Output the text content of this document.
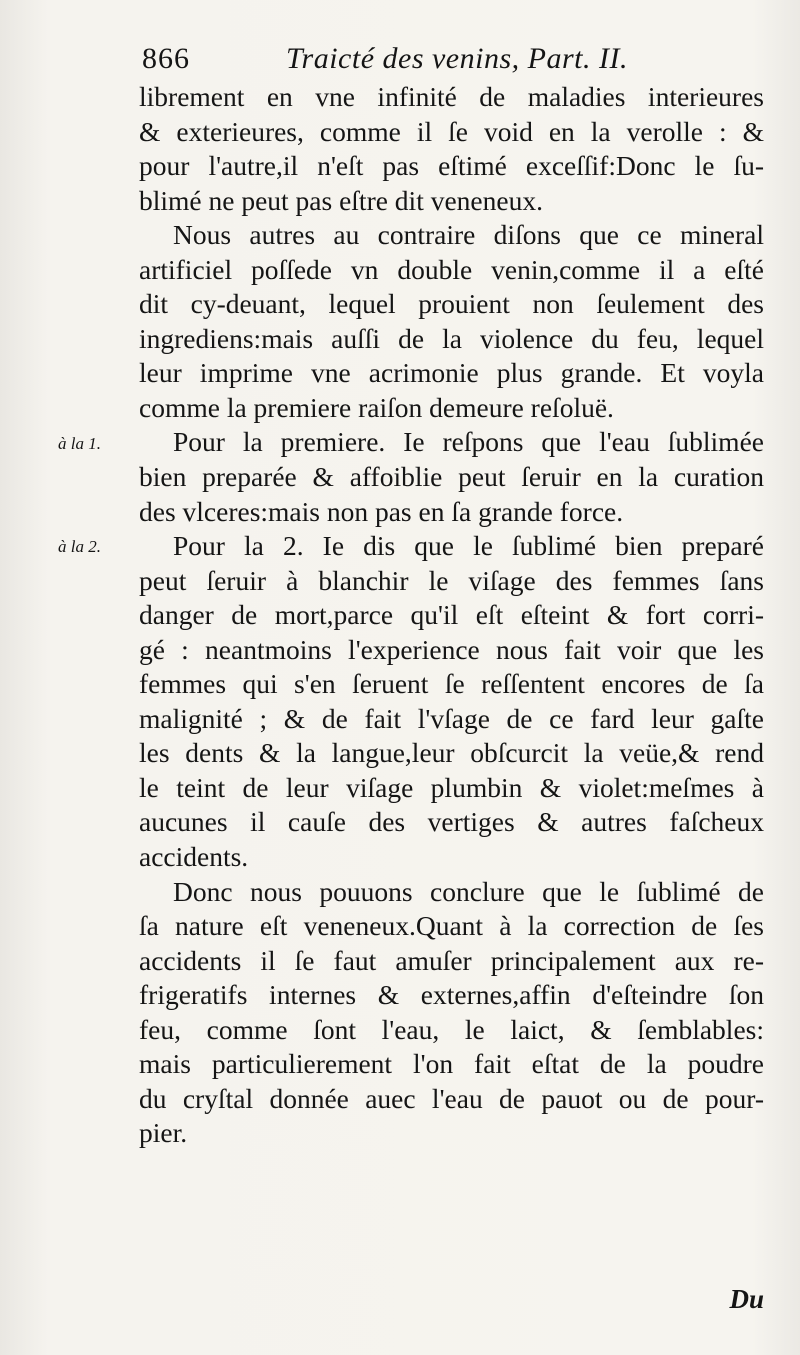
866	Traicté des venins, Part. II.
librement en vne infinité de maladies interieures
& exterieures, comme il ſe void en la verolle : &
pour l'autre,il n'eſt pas eſtimé exceſſif:Donc le ſu-
blimé ne peut pas eſtre dit veneneux.
Nous autres au contraire diſons que ce mineral
artificiel poſſede vn double venin,comme il a eſté
dit cy-deuant, lequel prouient non ſeulement des
ingrediens:mais auſſi de la violence du feu, lequel
leur imprime vne acrimonie plus grande. Et voyla
comme la premiere raiſon demeure reſoluë.
Pour la premiere. Ie reſpons que l'eau ſublimée
bien preparée & affoiblie peut ſeruir en la curation
des vlceres:mais non pas en ſa grande force.
Pour la 2. Ie dis que le ſublimé bien preparé
peut ſeruir à blanchir le viſage des femmes ſans
danger de mort,parce qu'il eſt eſteint & fort corri-
gé : neantmoins l'experience nous fait voir que les
femmes qui s'en ſeruent ſe reſſentent encores de ſa
malignité ; & de fait l'vſage de ce fard leur gaſte
les dents & la langue,leur obſcurcit la veüe,& rend
le teint de leur viſage plumbin & violet:meſmes à
aucunes il cauſe des vertiges & autres faſcheux
accidents.
Donc nous pouuons conclure que le ſublimé de
ſa nature eſt veneneux.Quant à la correction de ſes
accidents il ſe faut amuſer principalement aux re-
frigeratifs internes & externes,affin d'eſteindre ſon
feu, comme ſont l'eau, le laict, & ſemblables:
mais particulierement l'on fait eſtat de la poudre
du cryſtal donnée auec l'eau de pauot ou de pour-
pier.
à la 1.
à la 2.
Du
